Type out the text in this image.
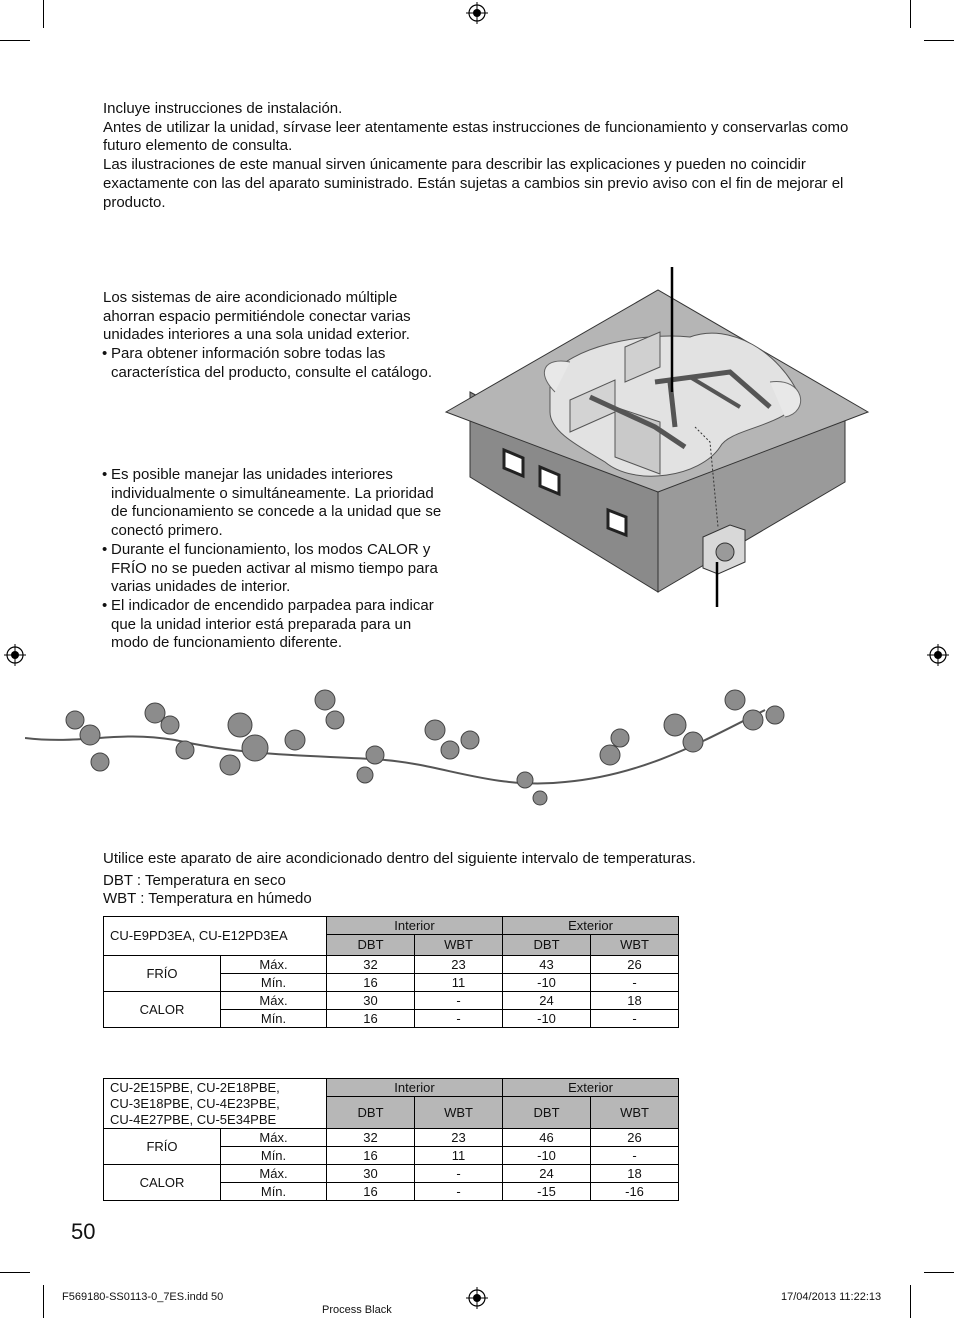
Incluye instrucciones de instalación.

Antes de utilizar la unidad, sírvase leer atentamente estas instrucciones de funcionamiento y conservarlas como futuro elemento de consulta.

Las ilustraciones de este manual sirven únicamente para describir las explicaciones y pueden no coincidir exactamente con las del aparato suministrado. Están sujetas a cambios sin previo aviso con el fin de mejorar el producto.

Los sistemas de aire acondicionado múltiple ahorran espacio permitiéndole conectar varias unidades interiores a una sola unidad exterior.

• Para obtener información sobre todas las característica del producto, consulte el catálogo.

• Es posible manejar las unidades interiores individualmente o simultáneamente. La prioridad de funcionamiento se concede a la unidad que se conectó primero.

• Durante el funcionamiento, los modos CALOR y FRÍO no se pueden activar al mismo tiempo para varias unidades de interior.

• El indicador de encendido parpadea para indicar que la unidad interior está preparada para un modo de funcionamiento diferente.

Utilice este aparato de aire acondicionado dentro del siguiente intervalo de temperaturas.

DBT : Temperatura en seco

WBT : Temperatura en húmedo

CU-E9PD3EA, CU-E12PD3EA		Interior		Exterior	
		DBT	WBT	DBT	WBT
FRÍO	Máx.	32	23	43	26
	Mín.	16	11	-10	-
CALOR	Máx.	30	-	24	18
	Mín.	16	-	-10	-
CU-2E15PBE, CU-2E18PBE,
CU-3E18PBE, CU-4E23PBE,
CU-4E27PBE, CU-5E34PBE		Interior		Exterior	
		DBT	WBT	DBT	WBT
FRÍO	Máx.	32	23	46	26
	Mín.	16	11	-10	-
CALOR	Máx.	30	-	24	18
	Mín.	16	-	-15	-16
50
F569180-SS0113-0_7ES.indd 50
Process Black
17/04/2013 11:22:13
